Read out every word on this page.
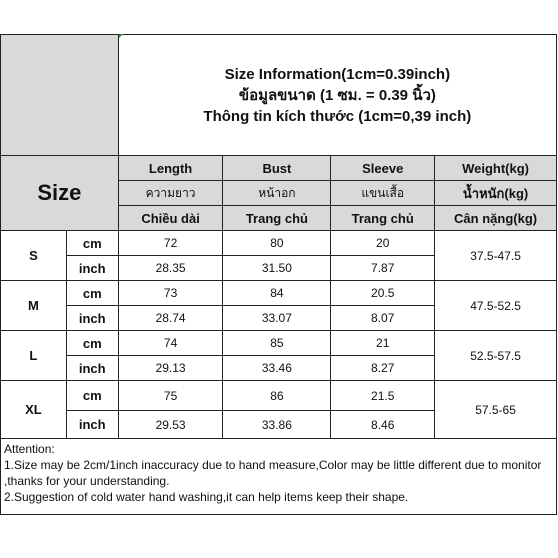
		Size Information(1cm=0.39inch)
ข้อมูลขนาด (1 ซม. = 0.39 นิ้ว)
Thông tin kích thước (1cm=0,39 inch)			

Size		Length	Bust	Sleeve	Weight(kg)
		ความยาว	หน้าอก	แขนเสื้อ	น้ำหนัก(kg)
		Chiều dài	Trang chủ	Trang chủ	Cân nặng(kg)
S	cm	72	80	20	37.5-47.5
	inch	28.35	31.50	7.87	
M	cm	73	84	20.5	47.5-52.5
	inch	28.74	33.07	8.07	
L	cm	74	85	21	52.5-57.5
	inch	29.13	33.46	8.27	
XL	cm	75	86	21.5	57.5-65
	inch	29.53	33.86	8.46	

Attention:
1.Size may be 2cm/1inch inaccuracy due to hand measure,Color may be little different due to monitor ,thanks for your understanding.
2.Suggestion of cold water hand washing,it can help items keep their shape.					
